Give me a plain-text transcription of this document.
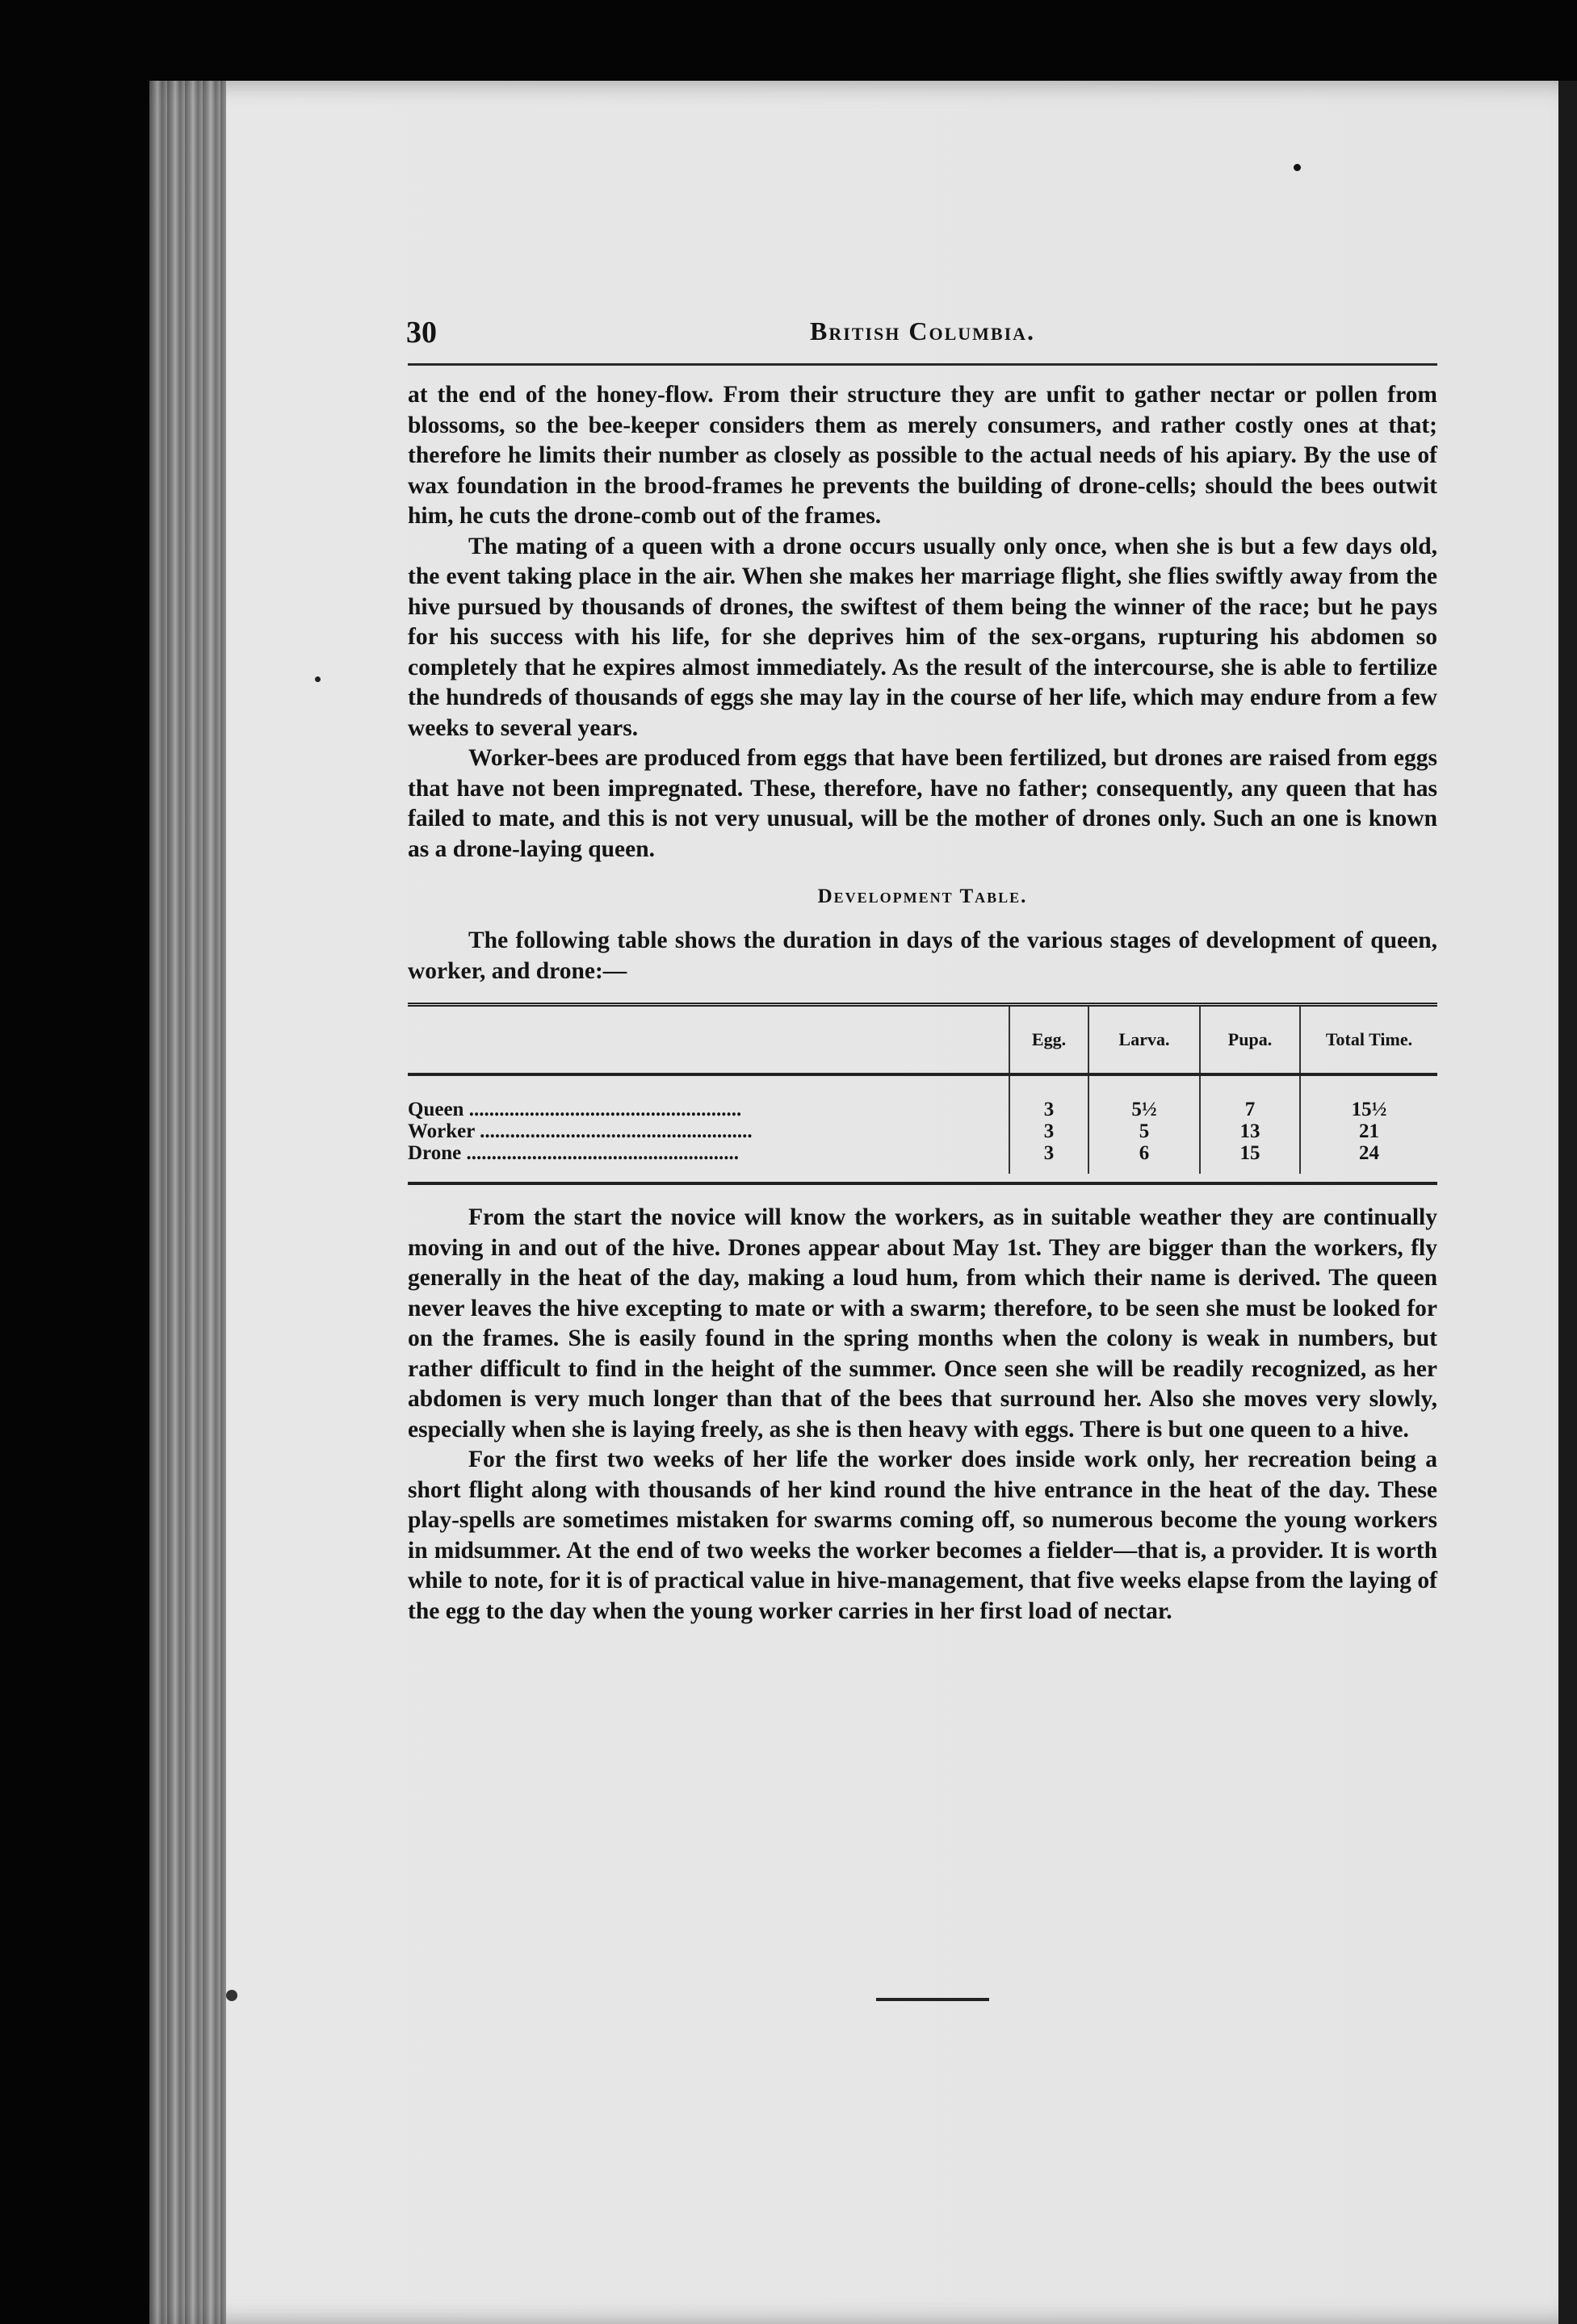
30	British Columbia.

at the end of the honey-flow. From their structure they are unfit to gather nectar or pollen from blossoms, so the bee-keeper considers them as merely consumers, and rather costly ones at that; therefore he limits their number as closely as possible to the actual needs of his apiary. By the use of wax foundation in the brood-frames he prevents the building of drone-cells; should the bees outwit him, he cuts the drone-comb out of the frames.

The mating of a queen with a drone occurs usually only once, when she is but a few days old, the event taking place in the air. When she makes her marriage flight, she flies swiftly away from the hive pursued by thousands of drones, the swiftest of them being the winner of the race; but he pays for his success with his life, for she deprives him of the sex-organs, rupturing his abdomen so completely that he expires almost immediately. As the result of the intercourse, she is able to fertilize the hundreds of thousands of eggs she may lay in the course of her life, which may endure from a few weeks to several years.

Worker-bees are produced from eggs that have been fertilized, but drones are raised from eggs that have not been impregnated. These, therefore, have no father; consequently, any queen that has failed to mate, and this is not very unusual, will be the mother of drones only. Such an one is known as a drone-laying queen.

Development Table.

The following table shows the duration in days of the various stages of development of queen, worker, and drone:—

	Egg.	Larva.	Pupa.	Total Time.
Queen ......................................................	3	5½	7	15½
Worker ......................................................	3	5	13	21
Drone ......................................................	3	6	15	24

From the start the novice will know the workers, as in suitable weather they are continually moving in and out of the hive. Drones appear about May 1st. They are bigger than the workers, fly generally in the heat of the day, making a loud hum, from which their name is derived. The queen never leaves the hive excepting to mate or with a swarm; therefore, to be seen she must be looked for on the frames. She is easily found in the spring months when the colony is weak in numbers, but rather difficult to find in the height of the summer. Once seen she will be readily recognized, as her abdomen is very much longer than that of the bees that surround her. Also she moves very slowly, especially when she is laying freely, as she is then heavy with eggs. There is but one queen to a hive.

For the first two weeks of her life the worker does inside work only, her recreation being a short flight along with thousands of her kind round the hive entrance in the heat of the day. These play-spells are sometimes mistaken for swarms coming off, so numerous become the young workers in midsummer. At the end of two weeks the worker becomes a fielder—that is, a provider. It is worth while to note, for it is of practical value in hive-management, that five weeks elapse from the laying of the egg to the day when the young worker carries in her first load of nectar.
